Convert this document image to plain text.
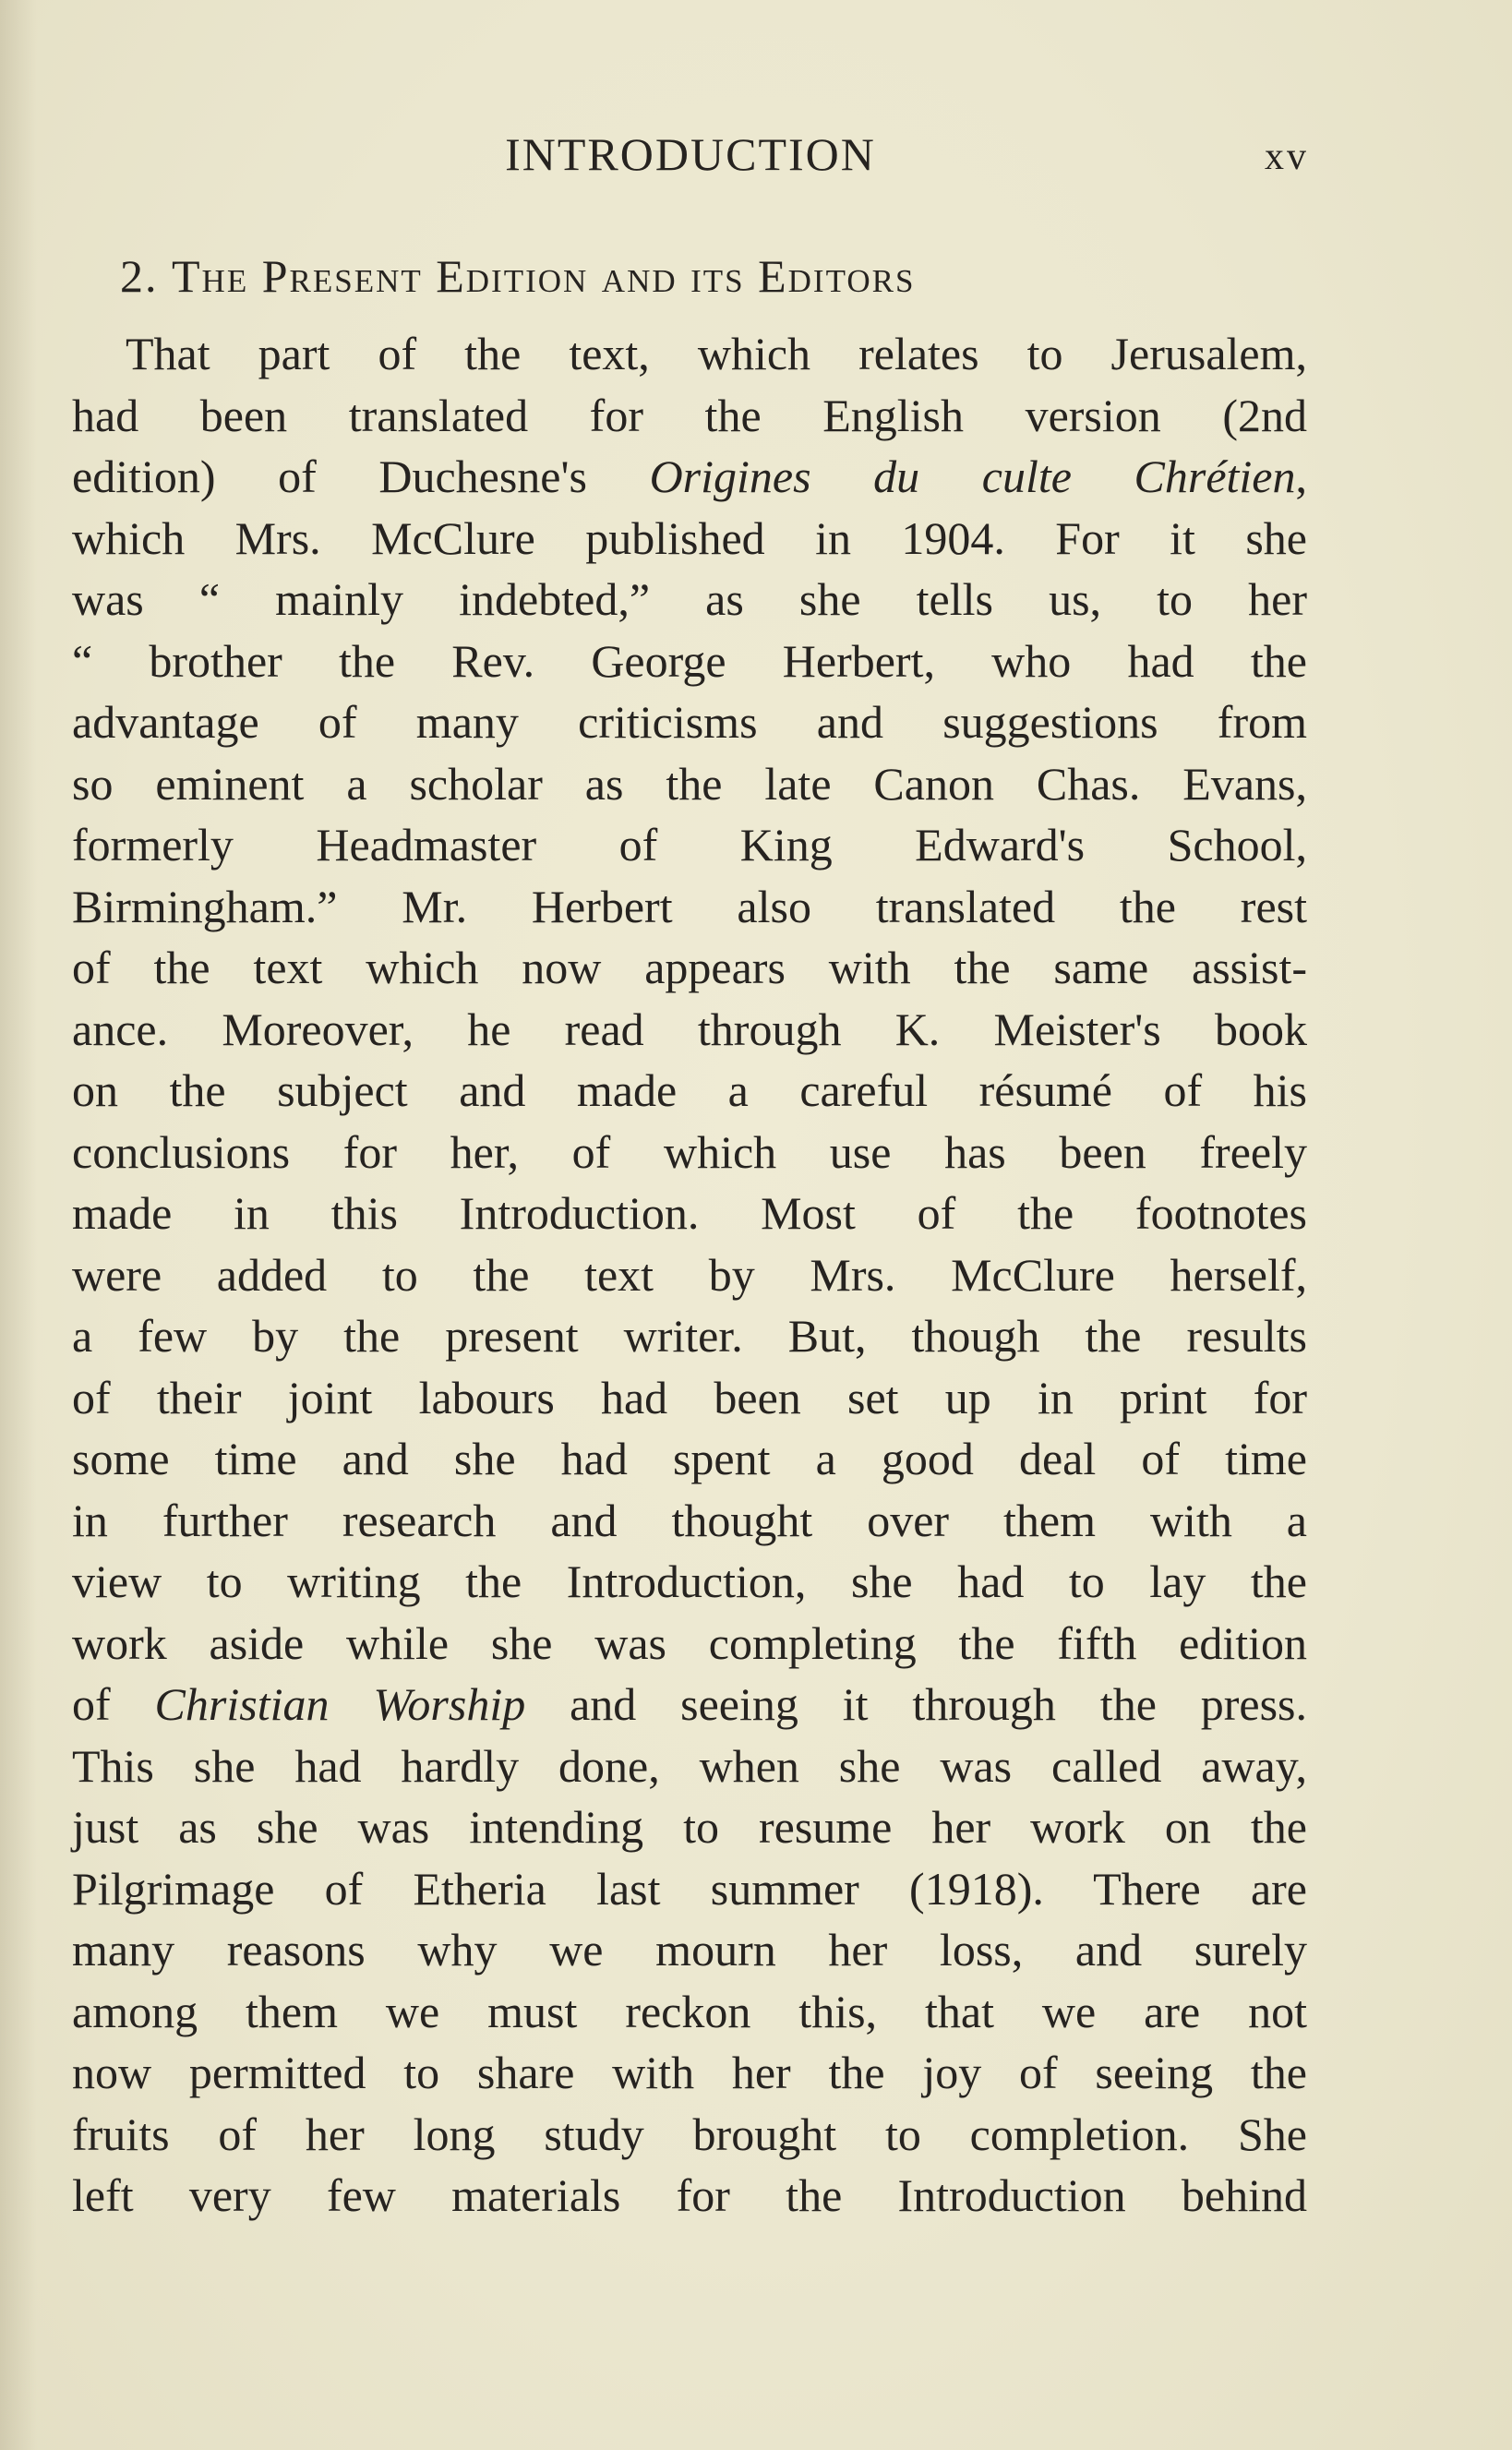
INTRODUCTION	xv
2. The Present Edition and its Editors
That part of the text, which relates to Jerusalem,
had been translated for the English version (2nd
edition) of Duchesne's Origines du culte Chrétien,
which Mrs. McClure published in 1904. For it she
was “ mainly indebted,” as she tells us, to her
“ brother the Rev. George Herbert, who had the
advantage of many criticisms and suggestions from
so eminent a scholar as the late Canon Chas. Evans,
formerly Headmaster of King Edward's School,
Birmingham.” Mr. Herbert also translated the rest
of the text which now appears with the same assist-
ance. Moreover, he read through K. Meister's book
on the subject and made a careful résumé of his
conclusions for her, of which use has been freely
made in this Introduction. Most of the footnotes
were added to the text by Mrs. McClure herself,
a few by the present writer. But, though the results
of their joint labours had been set up in print for
some time and she had spent a good deal of time
in further research and thought over them with a
view to writing the Introduction, she had to lay the
work aside while she was completing the fifth edition
of Christian Worship and seeing it through the press.
This she had hardly done, when she was called away,
just as she was intending to resume her work on the
Pilgrimage of Etheria last summer (1918). There are
many reasons why we mourn her loss, and surely
among them we must reckon this, that we are not
now permitted to share with her the joy of seeing the
fruits of her long study brought to completion. She
left very few materials for the Introduction behind
